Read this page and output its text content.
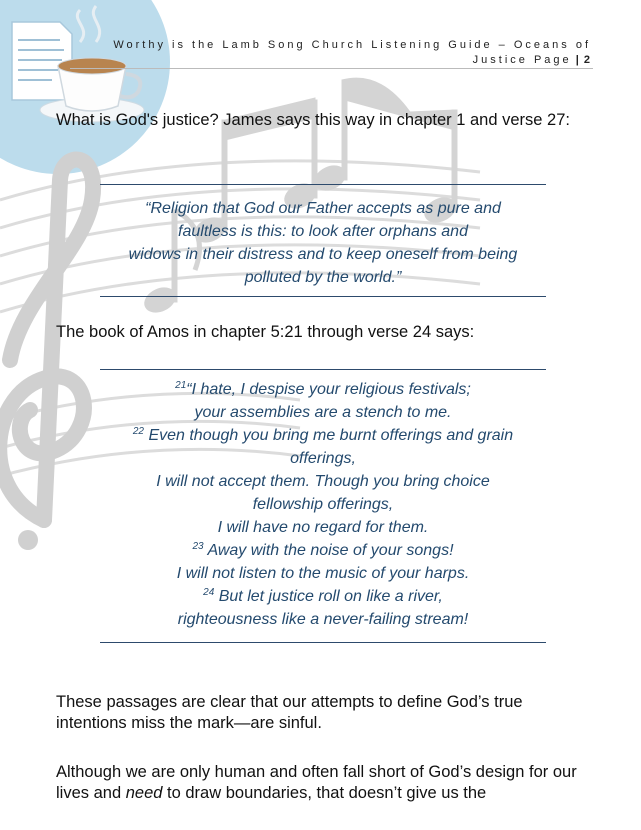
Worthy is the Lamb Song Church Listening Guide – Oceans of Justice Page | 2
What is God's justice? James says this way in chapter 1 and verse 27:
“Religion that God our Father accepts as pure and
faultless is this: to look after orphans and
widows in their distress and to keep oneself from being
polluted by the world.”
The book of Amos in chapter 5:21 through verse 24 says:
$^{21}$“I hate, I despise your religious festivals;
your assemblies are a stench to me.
$^{22}$ Even though you bring me burnt offerings and grain
offerings,
I will not accept them. Though you bring choice
fellowship offerings,
I will have no regard for them.
$^{23}$ Away with the noise of your songs!
I will not listen to the music of your harps.
$^{24}$ But let justice roll on like a river,
righteousness like a never-failing stream!
These passages are clear that our attempts to define God’s true intentions miss the mark—are sinful.
Although we are only human and often fall short of God’s design for our lives and need to draw boundaries, that doesn’t give us the
